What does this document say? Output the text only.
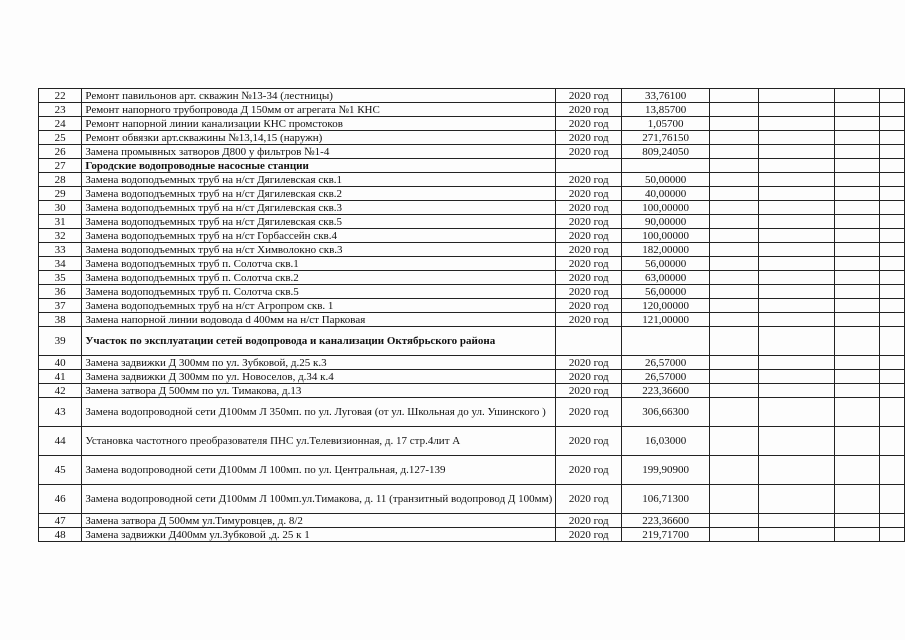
22	Ремонт павильонов арт. скважин №13-34 (лестницы)	2020 год	33,76100				
23	Ремонт напорного трубопровода Д 150мм от агрегата №1 КНС	2020 год	13,85700				
24	Ремонт напорной линии канализации КНС промстоков	2020 год	1,05700				
25	Ремонт обвязки арт.скважины №13,14,15 (наружн)	2020 год	271,76150				
26	Замена промывных затворов Д800 у фильтров №1-4	2020 год	809,24050				
27	Городские водопроводные насосные станции						
28	Замена водоподъемных труб на н/ст Дягилевская скв.1	2020 год	50,00000				
29	Замена водоподъемных труб на н/ст Дягилевская скв.2	2020 год	40,00000				
30	Замена водоподъемных труб на н/ст Дягилевская скв.3	2020 год	100,00000				
31	Замена водоподъемных труб на н/ст Дягилевская скв.5	2020 год	90,00000				
32	Замена водоподъемных труб на н/ст Горбассейн скв.4	2020 год	100,00000				
33	Замена водоподъемных труб на н/ст Химволокно скв.3	2020 год	182,00000				
34	Замена водоподъемных труб п. Солотча скв.1	2020 год	56,00000				
35	Замена водоподъемных труб п. Солотча скв.2	2020 год	63,00000				
36	Замена водоподъемных труб п. Солотча скв.5	2020 год	56,00000				
37	Замена водоподъемных труб на н/ст Агропром скв. 1	2020 год	120,00000				
38	Замена напорной линии водовода d 400мм на н/ст Парковая	2020 год	121,00000				
39	Участок по эксплуатации сетей водопровода и канализации Октябрьского района						
40	Замена задвижки Д 300мм по ул. Зубковой, д.25 к.3	2020 год	26,57000				
41	Замена задвижки Д 300мм по ул. Новоселов, д.34 к.4	2020 год	26,57000				
42	Замена затвора Д 500мм по ул. Тимакова, д.13	2020 год	223,36600				
43	Замена водопроводной сети Д100мм Л 350мп. по ул. Луговая (от ул. Школьная до ул. Ушинского )	2020 год	306,66300				
44	Установка частотного преобразователя ПНС ул.Телевизионная, д. 17 стр.4лит А	2020 год	16,03000				
45	Замена водопроводной сети Д100мм Л 100мп. по ул. Центральная, д.127-139	2020 год	199,90900				
46	Замена водопроводной сети Д100мм Л 100мп.ул.Тимакова, д. 11 (транзитный водопровод Д 100мм)	2020 год	106,71300				
47	Замена затвора Д 500мм ул.Тимуровцев, д. 8/2	2020 год	223,36600				
48	Замена задвижки Д400мм ул.Зубковой ,д. 25 к 1	2020 год	219,71700				
